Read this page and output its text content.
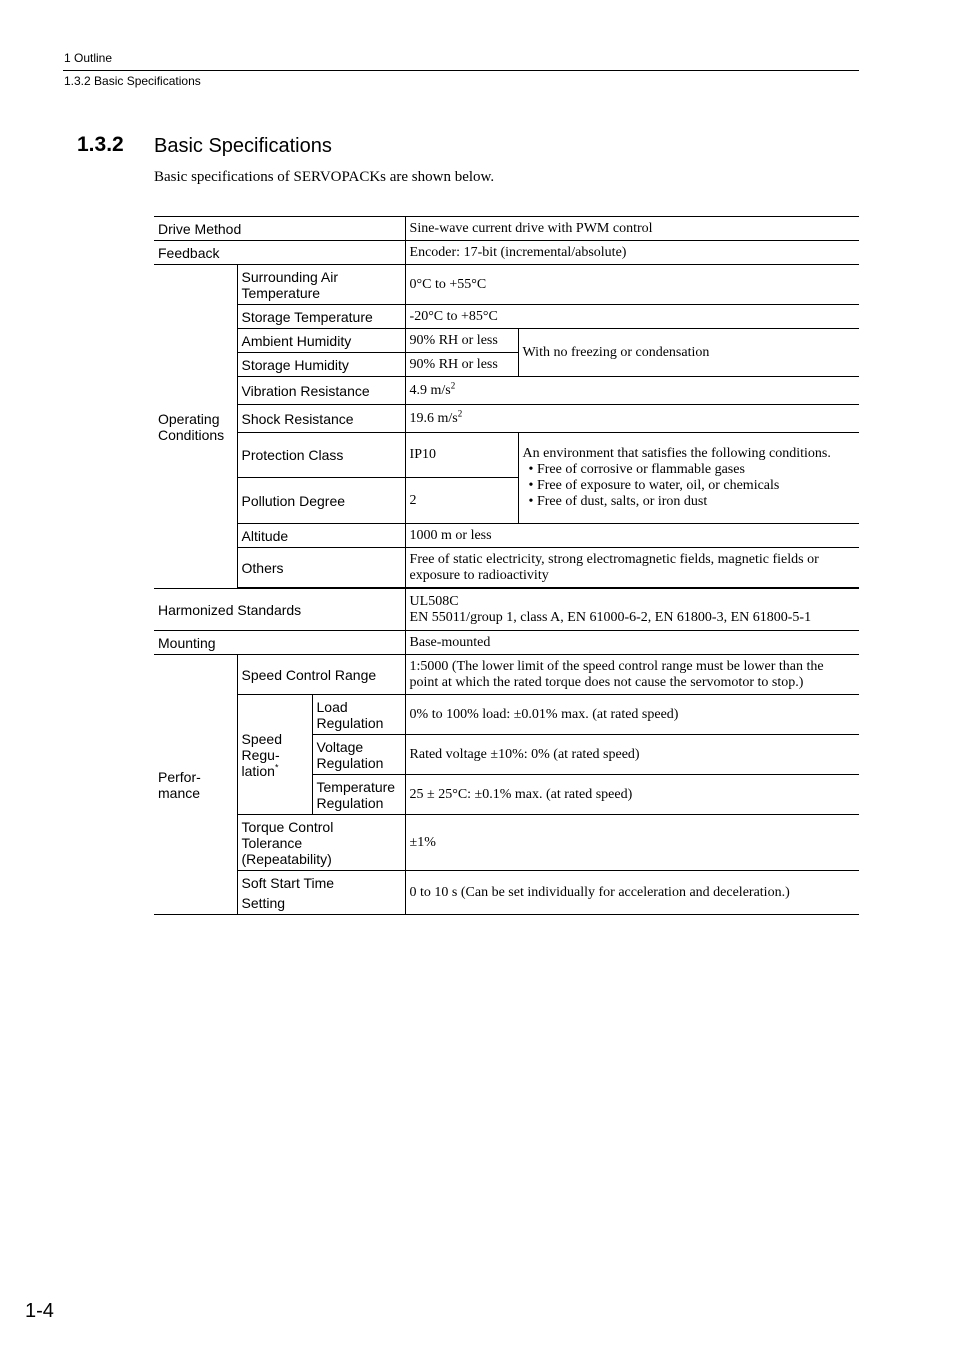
1 Outline
1.3.2 Basic Specifications
1.3.2 Basic Specifications
Basic specifications of SERVOPACKs are shown below.
Drive Method			Sine-wave current drive with PWM control	
Feedback			Encoder: 17-bit (incremental/absolute)	

Operating Conditions	Surrounding Air Temperature		0°C to +55°C	
	Storage Temperature		-20°C to +85°C	
	Ambient Humidity		90% RH or less	With no freezing or condensation
	Storage Humidity		90% RH or less	
	Vibration Resistance		4.9 $m/s^2$
	Shock Resistance		19.6 $m/s^2$
	Protection Class		IP10	An environment that satisfies the following conditions.
• Free of corrosive or flammable gases
• Free of exposure to water, oil, or chemicals
• Free of dust, salts, or iron dust

	Pollution Degree		2	
	Altitude		1000 m or less	
	Others		Free of static electricity, strong electromagnetic fields, magnetic fields or exposure to radioactivity	

Harmonized Standards			UL508C
EN 55011/group 1, class A, EN 61000-6-2, EN 61800-3, EN 61800-5-1	

Mounting			Base-mounted	

Perfor-
mance	Speed Control Range		1:5000 (The lower limit of the speed control range must be lower than the point at which the rated torque does not cause the servomotor to stop.)	
	Speed
Regu-
lation*	Load
Regulation	0% to 100% load: ±0.01% max. (at rated speed)	
		Voltage
Regulation	Rated voltage ±10%: 0% (at rated speed)	
		Temperature
Regulation	25 ± 25°C: ±0.1% max. (at rated speed)	
	Torque Control
Tolerance
(Repeatability)		±1%	
	Soft Start Time
Setting		0 to 10 s (Can be set individually for acceleration and deceleration.)	
1-4
